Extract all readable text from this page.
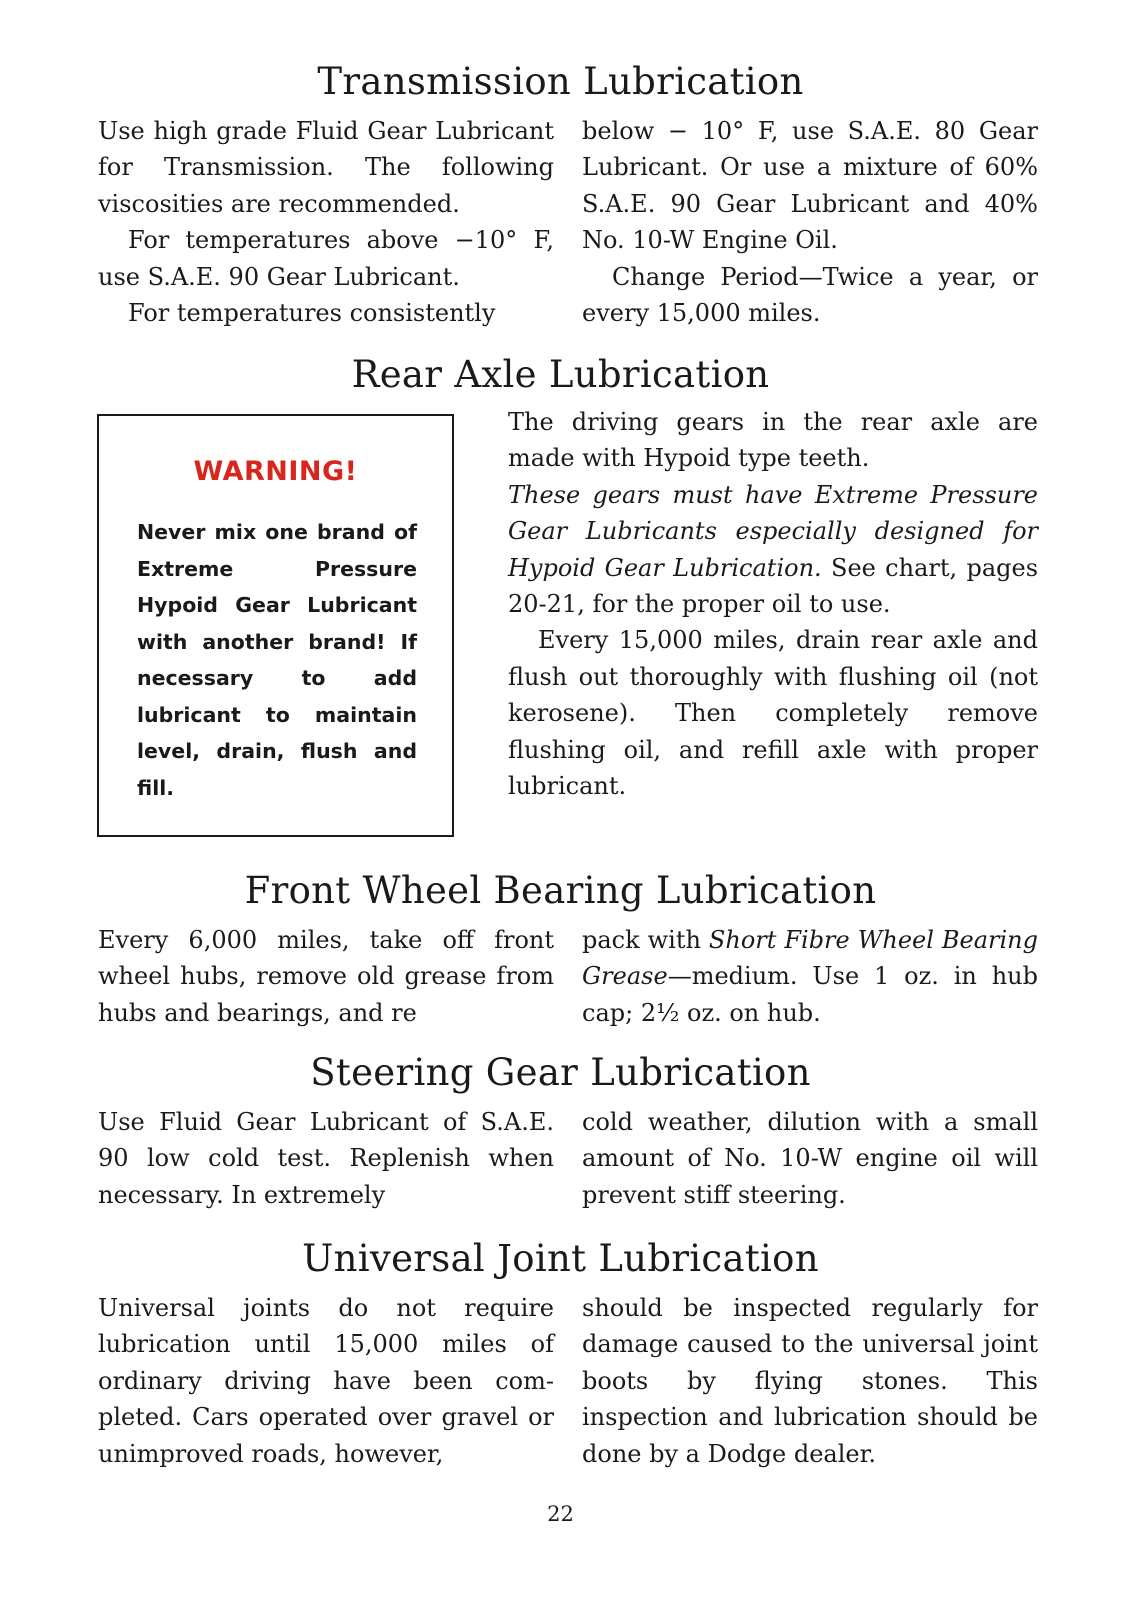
Transmission Lubrication

Use high grade Fluid Gear Lubricant for Transmission. The following viscosities are recommended.

For temperatures above −10° F, use S.A.E. 90 Gear Lubricant.

For temperatures consistently

below − 10° F, use S.A.E. 80 Gear Lubricant. Or use a mixture of 60% S.A.E. 90 Gear Lubricant and 40% No. 10-W Engine Oil.

Change Period—Twice a year, or every 15,000 miles.

Rear Axle Lubrication
WARNING!
Never mix one brand of Extreme Pressure Hypoid Gear Lubricant with another brand! If necessary to add lubricant to maintain level, drain, flush and fill.

The driving gears in the rear axle are made with Hypoid type teeth.

These gears must have Extreme Pressure Gear Lubricants especially designed for Hypoid Gear Lubrication. See chart, pages 20-21, for the proper oil to use.

Every 15,000 miles, drain rear axle and flush out thoroughly with flushing oil (not kerosene). Then completely remove flushing oil, and refill axle with proper lubricant.

Front Wheel Bearing Lubrication

Every 6,000 miles, take off front wheel hubs, remove old grease from hubs and bearings, and re

pack with Short Fibre Wheel Bearing Grease—medium. Use 1 oz. in hub cap; 2½ oz. on hub.

Steering Gear Lubrication

Use Fluid Gear Lubricant of S.A.E. 90 low cold test. Replenish when necessary. In extremely

cold weather, dilution with a small amount of No. 10-W engine oil will prevent stiff steering.

Universal Joint Lubrication

Universal joints do not require lubrication until 15,000 miles of ordinary driving have been completed. Cars operated over gravel or unimproved roads, however,

should be inspected regularly for damage caused to the universal joint boots by flying stones. This inspection and lubrication should be done by a Dodge dealer.

22
